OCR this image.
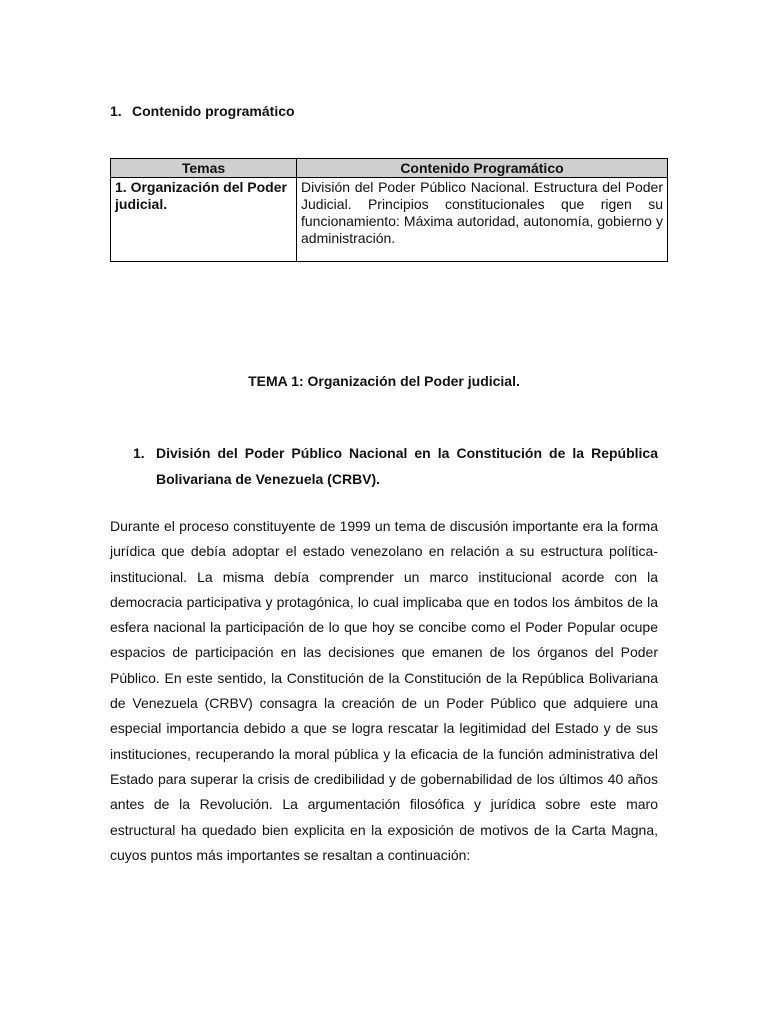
1. Contenido programático
Temas	Contenido Programático
1. Organización del Poder judicial.	División del Poder Público Nacional. Estructura del Poder Judicial. Principios constitucionales que rigen su funcionamiento: Máxima autoridad, autonomía, gobierno y administración.
TEMA 1: Organización del Poder judicial.
1. División del Poder Público Nacional en la Constitución de la República Bolivariana de Venezuela (CRBV).

Durante el proceso constituyente de 1999 un tema de discusión importante era la forma jurídica que debía adoptar el estado venezolano en relación a su estructura política-institucional. La misma debía comprender un marco institucional acorde con la democracia participativa y protagónica, lo cual implicaba que en todos los ámbitos de la esfera nacional la participación de lo que hoy se concibe como el Poder Popular ocupe espacios de participación en las decisiones que emanen de los órganos del Poder Público. En este sentido, la Constitución de la Constitución de la República Bolivariana de Venezuela (CRBV) consagra la creación de un Poder Público que adquiere una especial importancia debido a que se logra rescatar la legitimidad del Estado y de sus instituciones, recuperando la moral pública y la eficacia de la función administrativa del Estado para superar la crisis de credibilidad y de gobernabilidad de los últimos 40 años antes de la Revolución. La argumentación filosófica y jurídica sobre este maro estructural ha quedado bien explicita en la exposición de motivos de la Carta Magna, cuyos puntos más importantes se resaltan a continuación:
